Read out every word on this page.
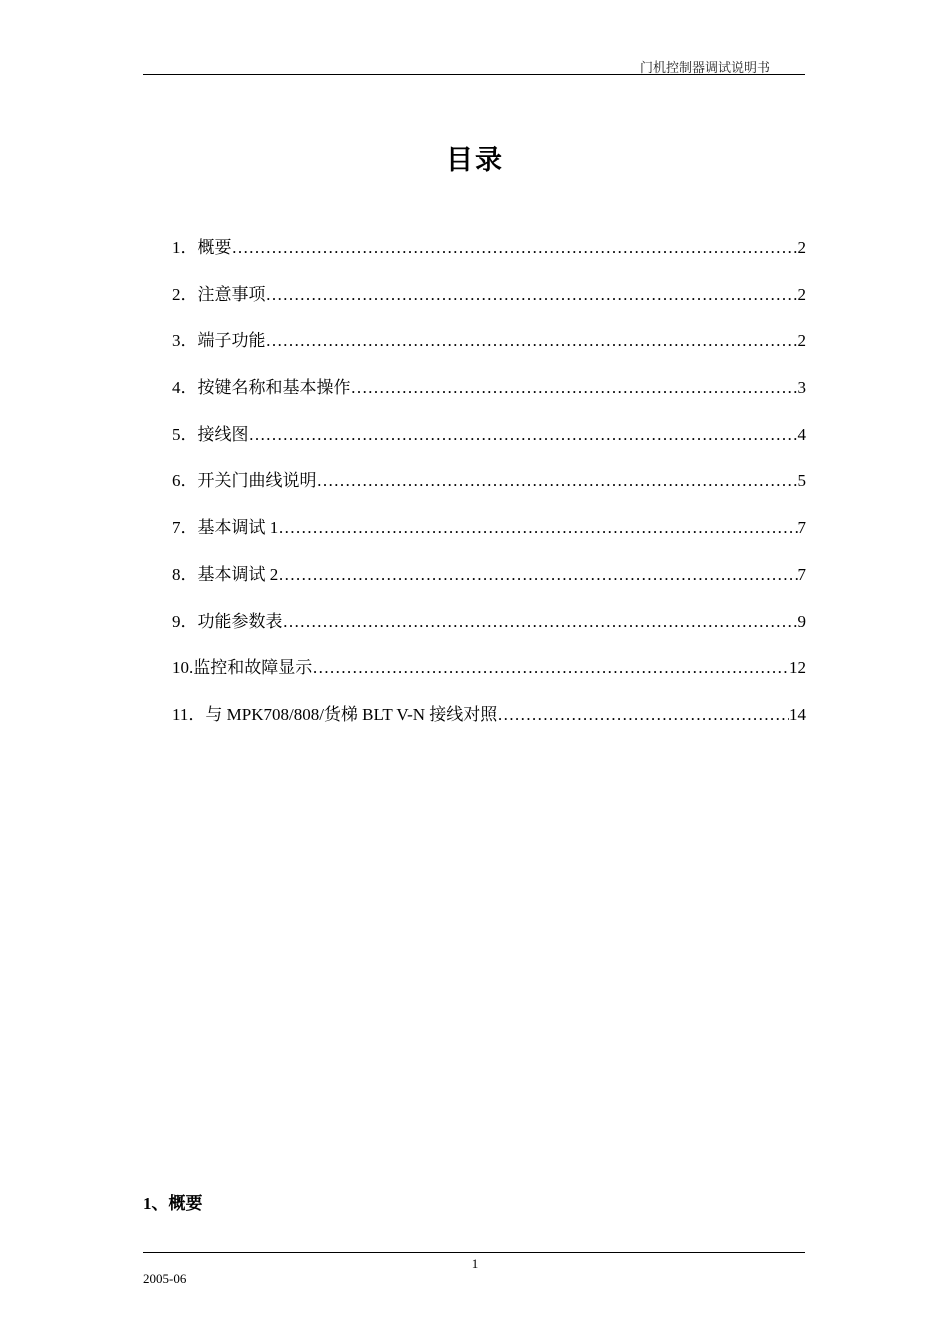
门机控制器调试说明书
目录
1． 概要 ……………………………………………………………………………………………………………………………………	2
2． 注意事项 ……………………………………………………………………………………………………………………………………	2
3． 端子功能 ……………………………………………………………………………………………………………………………………	2
4． 按键名称和基本操作 ……………………………………………………………………………………………………………………………………	3
5． 接线图 ……………………………………………………………………………………………………………………………………	4
6． 开关门曲线说明 ……………………………………………………………………………………………………………………………………	5
7． 基本调试 1 ……………………………………………………………………………………………………………………………………	7
8． 基本调试 2 ……………………………………………………………………………………………………………………………………	7
9． 功能参数表 ……………………………………………………………………………………………………………………………………	9
10. 监控和故障显示 ……………………………………………………………………………………………………………………………………	12
11． 与 MPK708/808/货梯 BLT V-N 接线对照 ……………………………………………………………………………………………………………………………………	14
1、概要
1
2005-06
